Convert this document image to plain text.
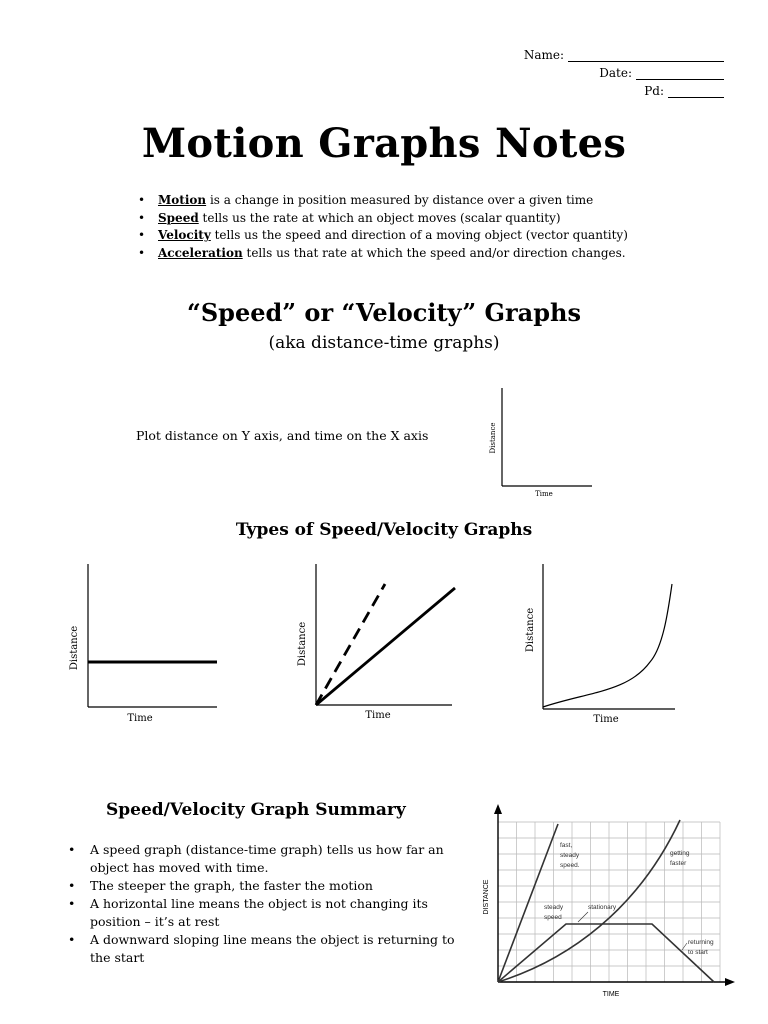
Name:
Date:
Pd:
Motion Graphs Notes
• Motion is a change in position measured by distance over a given time
• Speed tells us the rate at which an object moves (scalar quantity)
• Velocity tells us the speed and direction of a moving object (vector quantity)
• Acceleration tells us that rate at which the speed and/or direction changes.
“Speed” or “Velocity” Graphs
(aka distance-time graphs)
Plot distance on Y axis, and time on the X axis	Distance
Time
Types of Speed/Velocity Graphs
Distance
Time
Distance
Time
Distance
Time
Speed/Velocity Graph Summary
• A speed graph (distance-time graph) tells us how far an object has moved with time.
• The steeper the graph, the faster the motion
• A horizontal line means the object is not changing its position – it’s at rest
• A downward sloping line means the object is returning to the start
DISTANCE
TIME
fast, steady speed.
getting faster
steady speed
stationary
returning to start
